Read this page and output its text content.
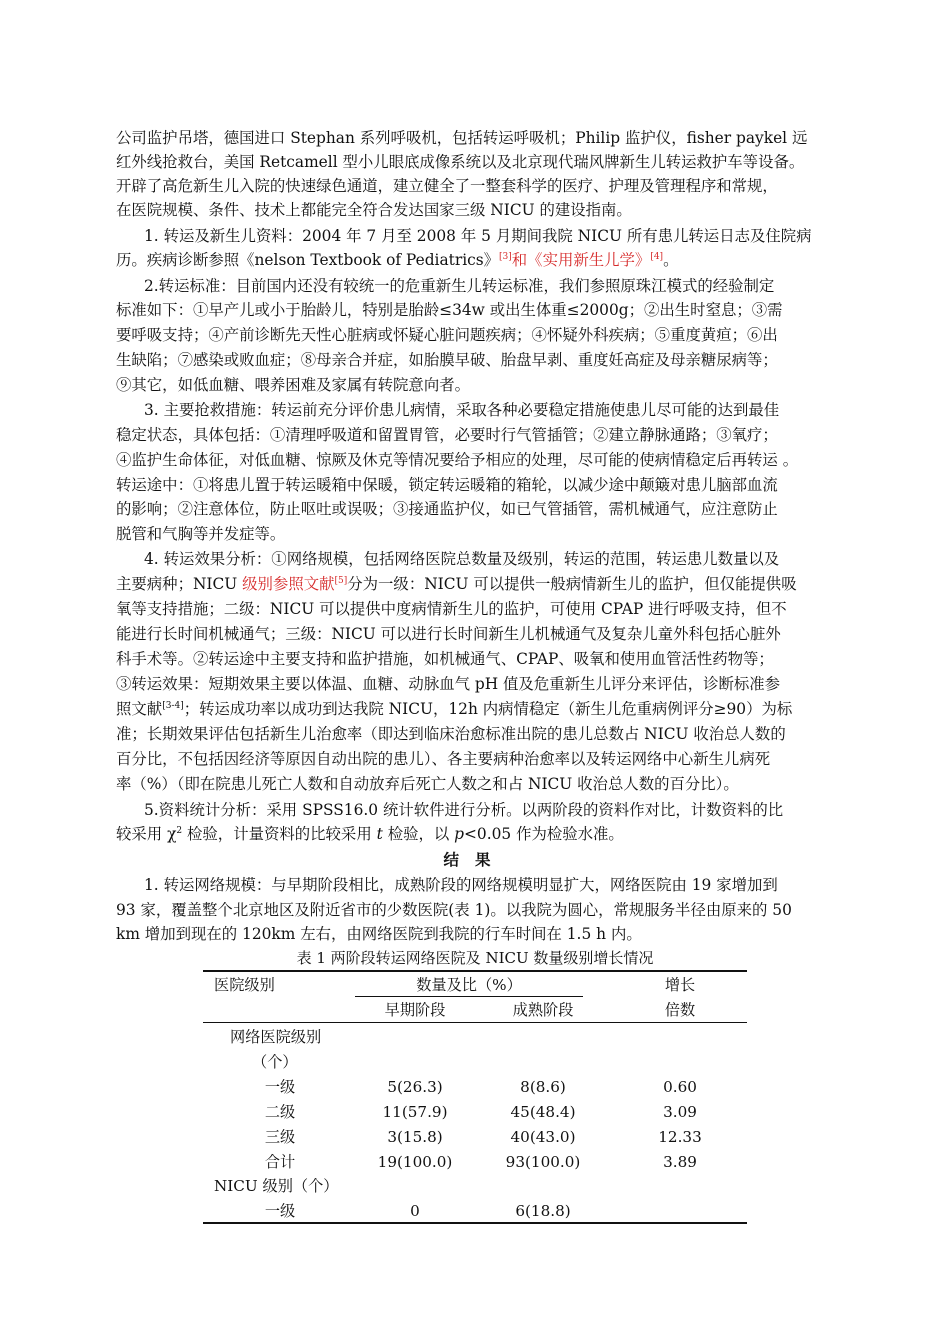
公司监护吊塔，德国进口 Stephan 系列呼吸机，包括转运呼吸机；Philip 监护仪，fisher paykel 远
红外线抢救台，美国 Retcamell 型小儿眼底成像系统以及北京现代瑞风牌新生儿转运救护车等设备。
开辟了高危新生儿入院的快速绿色通道，建立健全了一整套科学的医疗、护理及管理程序和常规，
在医院规模、条件、技术上都能完全符合发达国家三级 NICU 的建设指南。
1. 转运及新生儿资料：2004 年 7 月至 2008 年 5 月期间我院 NICU 所有患儿转运日志及住院病
历。疾病诊断参照《nelson Textbook of Pediatrics》[3]和《实用新生儿学》[4]。
2.转运标准：目前国内还没有较统一的危重新生儿转运标准，我们参照原珠江模式的经验制定
标准如下：①早产儿或小于胎龄儿，特别是胎龄≤34w 或出生体重≤2000g；②出生时窒息；③需
要呼吸支持；④产前诊断先天性心脏病或怀疑心脏问题疾病；④怀疑外科疾病；⑤重度黄疸；⑥出
生缺陷；⑦感染或败血症；⑧母亲合并症，如胎膜早破、胎盘早剥、重度妊高症及母亲糖尿病等；
⑨其它，如低血糖、喂养困难及家属有转院意向者。
3. 主要抢救措施：转运前充分评价患儿病情，采取各种必要稳定措施使患儿尽可能的达到最佳
稳定状态，具体包括：①清理呼吸道和留置胃管，必要时行气管插管；②建立静脉通路；③氧疗；
④监护生命体征，对低血糖、惊厥及休克等情况要给予相应的处理，尽可能的使病情稳定后再转运 。
转运途中：①将患儿置于转运暖箱中保暖，锁定转运暖箱的箱轮，以减少途中颠簸对患儿脑部血流
的影响；②注意体位，防止呕吐或误吸；③接通监护仪，如已气管插管，需机械通气，应注意防止
脱管和气胸等并发症等。
4. 转运效果分析：①网络规模，包括网络医院总数量及级别，转运的范围，转运患儿数量以及
主要病种；NICU 级别参照文献[5]分为一级：NICU 可以提供一般病情新生儿的监护，但仅能提供吸
氧等支持措施；二级：NICU 可以提供中度病情新生儿的监护，可使用 CPAP 进行呼吸支持，但不
能进行长时间机械通气；三级：NICU 可以进行长时间新生儿机械通气及复杂儿童外科包括心脏外
科手术等。②转运途中主要支持和监护措施，如机械通气、CPAP、吸氧和使用血管活性药物等；
③转运效果：短期效果主要以体温、血糖、动脉血气 pH 值及危重新生儿评分来评估，诊断标准参
照文献[3-4]；转运成功率以成功到达我院 NICU，12h 内病情稳定（新生儿危重病例评分≥90）为标
准；长期效果评估包括新生儿治愈率（即达到临床治愈标准出院的患儿总数占 NICU 收治总人数的
百分比，不包括因经济等原因自动出院的患儿）、各主要病种治愈率以及转运网络中心新生儿病死
率（%）（即在院患儿死亡人数和自动放弃后死亡人数之和占 NICU 收治总人数的百分比）。
5.资料统计分析：采用 SPSS16.0 统计软件进行分析。以两阶段的资料作对比，计数资料的比
较采用 $\chi^2$ 检验，计量资料的比较采用 t 检验，以 p<0.05 作为检验水准。
结果
1. 转运网络规模：与早期阶段相比，成熟阶段的网络规模明显扩大，网络医院由 19 家增加到
93 家，覆盖整个北京地区及附近省市的少数医院(表 1)。以我院为圆心，常规服务半径由原来的 50
km 增加到现在的 120km 左右，由网络医院到我院的行车时间在 1.5 h 内。
表 1 两阶段转运网络医院及 NICU 数量级别增长情况
医院级别	数量及比（%）	增长
早期阶段	成熟阶段	倍数
网络医院级别
（个）
一级	5(26.3)	8(8.6)	0.60
二级	11(57.9)	45(48.4)	3.09
三级	3(15.8)	40(43.0)	12.33
合计	19(100.0)	93(100.0)	3.89
NICU 级别（个）
一级	0	6(18.8)
